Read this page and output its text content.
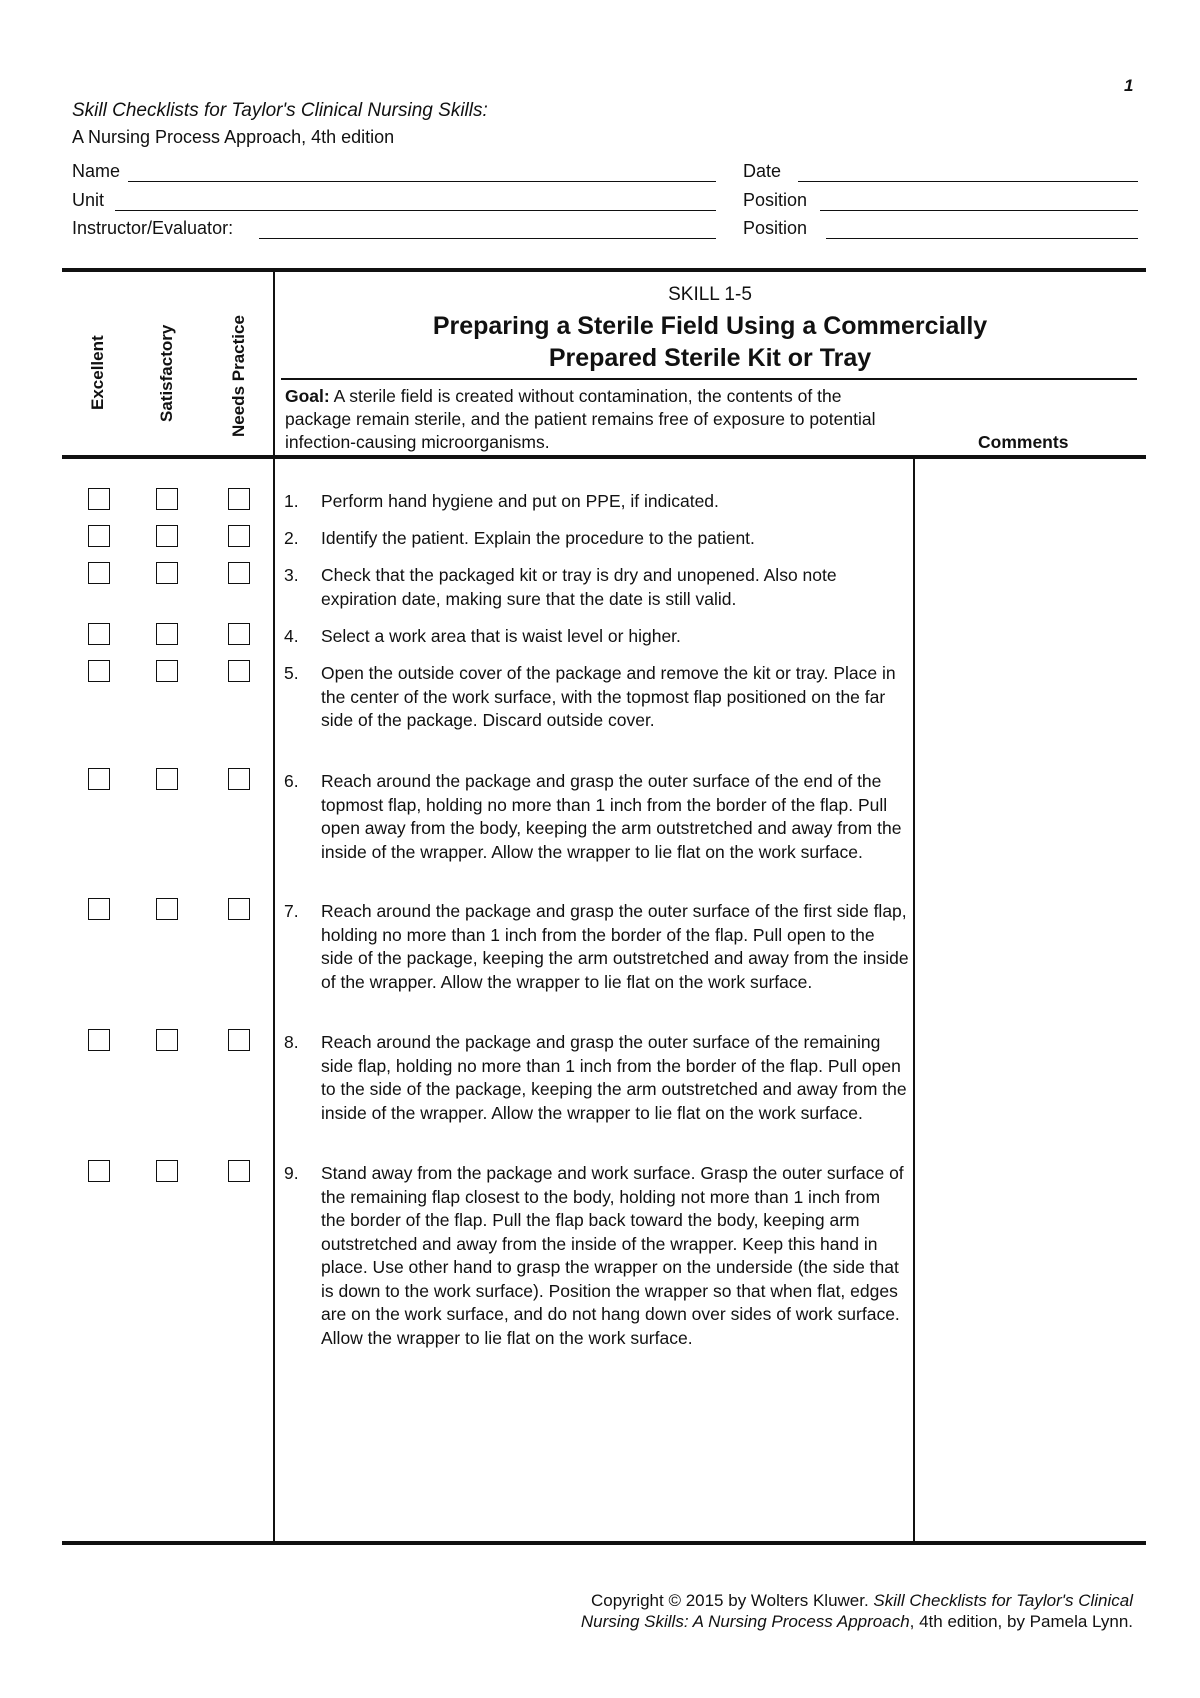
1
Skill Checklists for Taylor's Clinical Nursing Skills:
A Nursing Process Approach, 4th edition
Name
Unit
Instructor/Evaluator:
Date
Position
Position
Excellent	Satisfactory	Needs Practice
SKILL 1-5
Preparing a Sterile Field Using a Commercially
Prepared Sterile Kit or Tray
Goal: A sterile field is created without contamination, the contents of the package remain sterile, and the patient remains free of exposure to potential infection-causing microorganisms.	Comments
1. Perform hand hygiene and put on PPE, if indicated.
2. Identify the patient. Explain the procedure to the patient.
3. Check that the packaged kit or tray is dry and unopened. Also note expiration date, making sure that the date is still valid.
4. Select a work area that is waist level or higher.
5. Open the outside cover of the package and remove the kit or tray. Place in the center of the work surface, with the topmost flap positioned on the far side of the package. Discard outside cover.
6. Reach around the package and grasp the outer surface of the end of the topmost flap, holding no more than 1 inch from the border of the flap. Pull open away from the body, keeping the arm outstretched and away from the inside of the wrapper. Allow the wrapper to lie flat on the work surface.
7. Reach around the package and grasp the outer surface of the first side flap, holding no more than 1 inch from the border of the flap. Pull open to the side of the package, keeping the arm outstretched and away from the inside of the wrapper. Allow the wrapper to lie flat on the work surface.
8. Reach around the package and grasp the outer surface of the remaining side flap, holding no more than 1 inch from the border of the flap. Pull open to the side of the package, keeping the arm outstretched and away from the inside of the wrapper. Allow the wrapper to lie flat on the work surface.
9. Stand away from the package and work surface. Grasp the outer surface of the remaining flap closest to the body, holding not more than 1 inch from the border of the flap. Pull the flap back toward the body, keeping arm outstretched and away from the inside of the wrapper. Keep this hand in place. Use other hand to grasp the wrapper on the underside (the side that is down to the work surface). Position the wrapper so that when flat, edges are on the work surface, and do not hang down over sides of work surface. Allow the wrapper to lie flat on the work surface.
Copyright © 2015 by Wolters Kluwer. Skill Checklists for Taylor's Clinical
Nursing Skills: A Nursing Process Approach, 4th edition, by Pamela Lynn.
